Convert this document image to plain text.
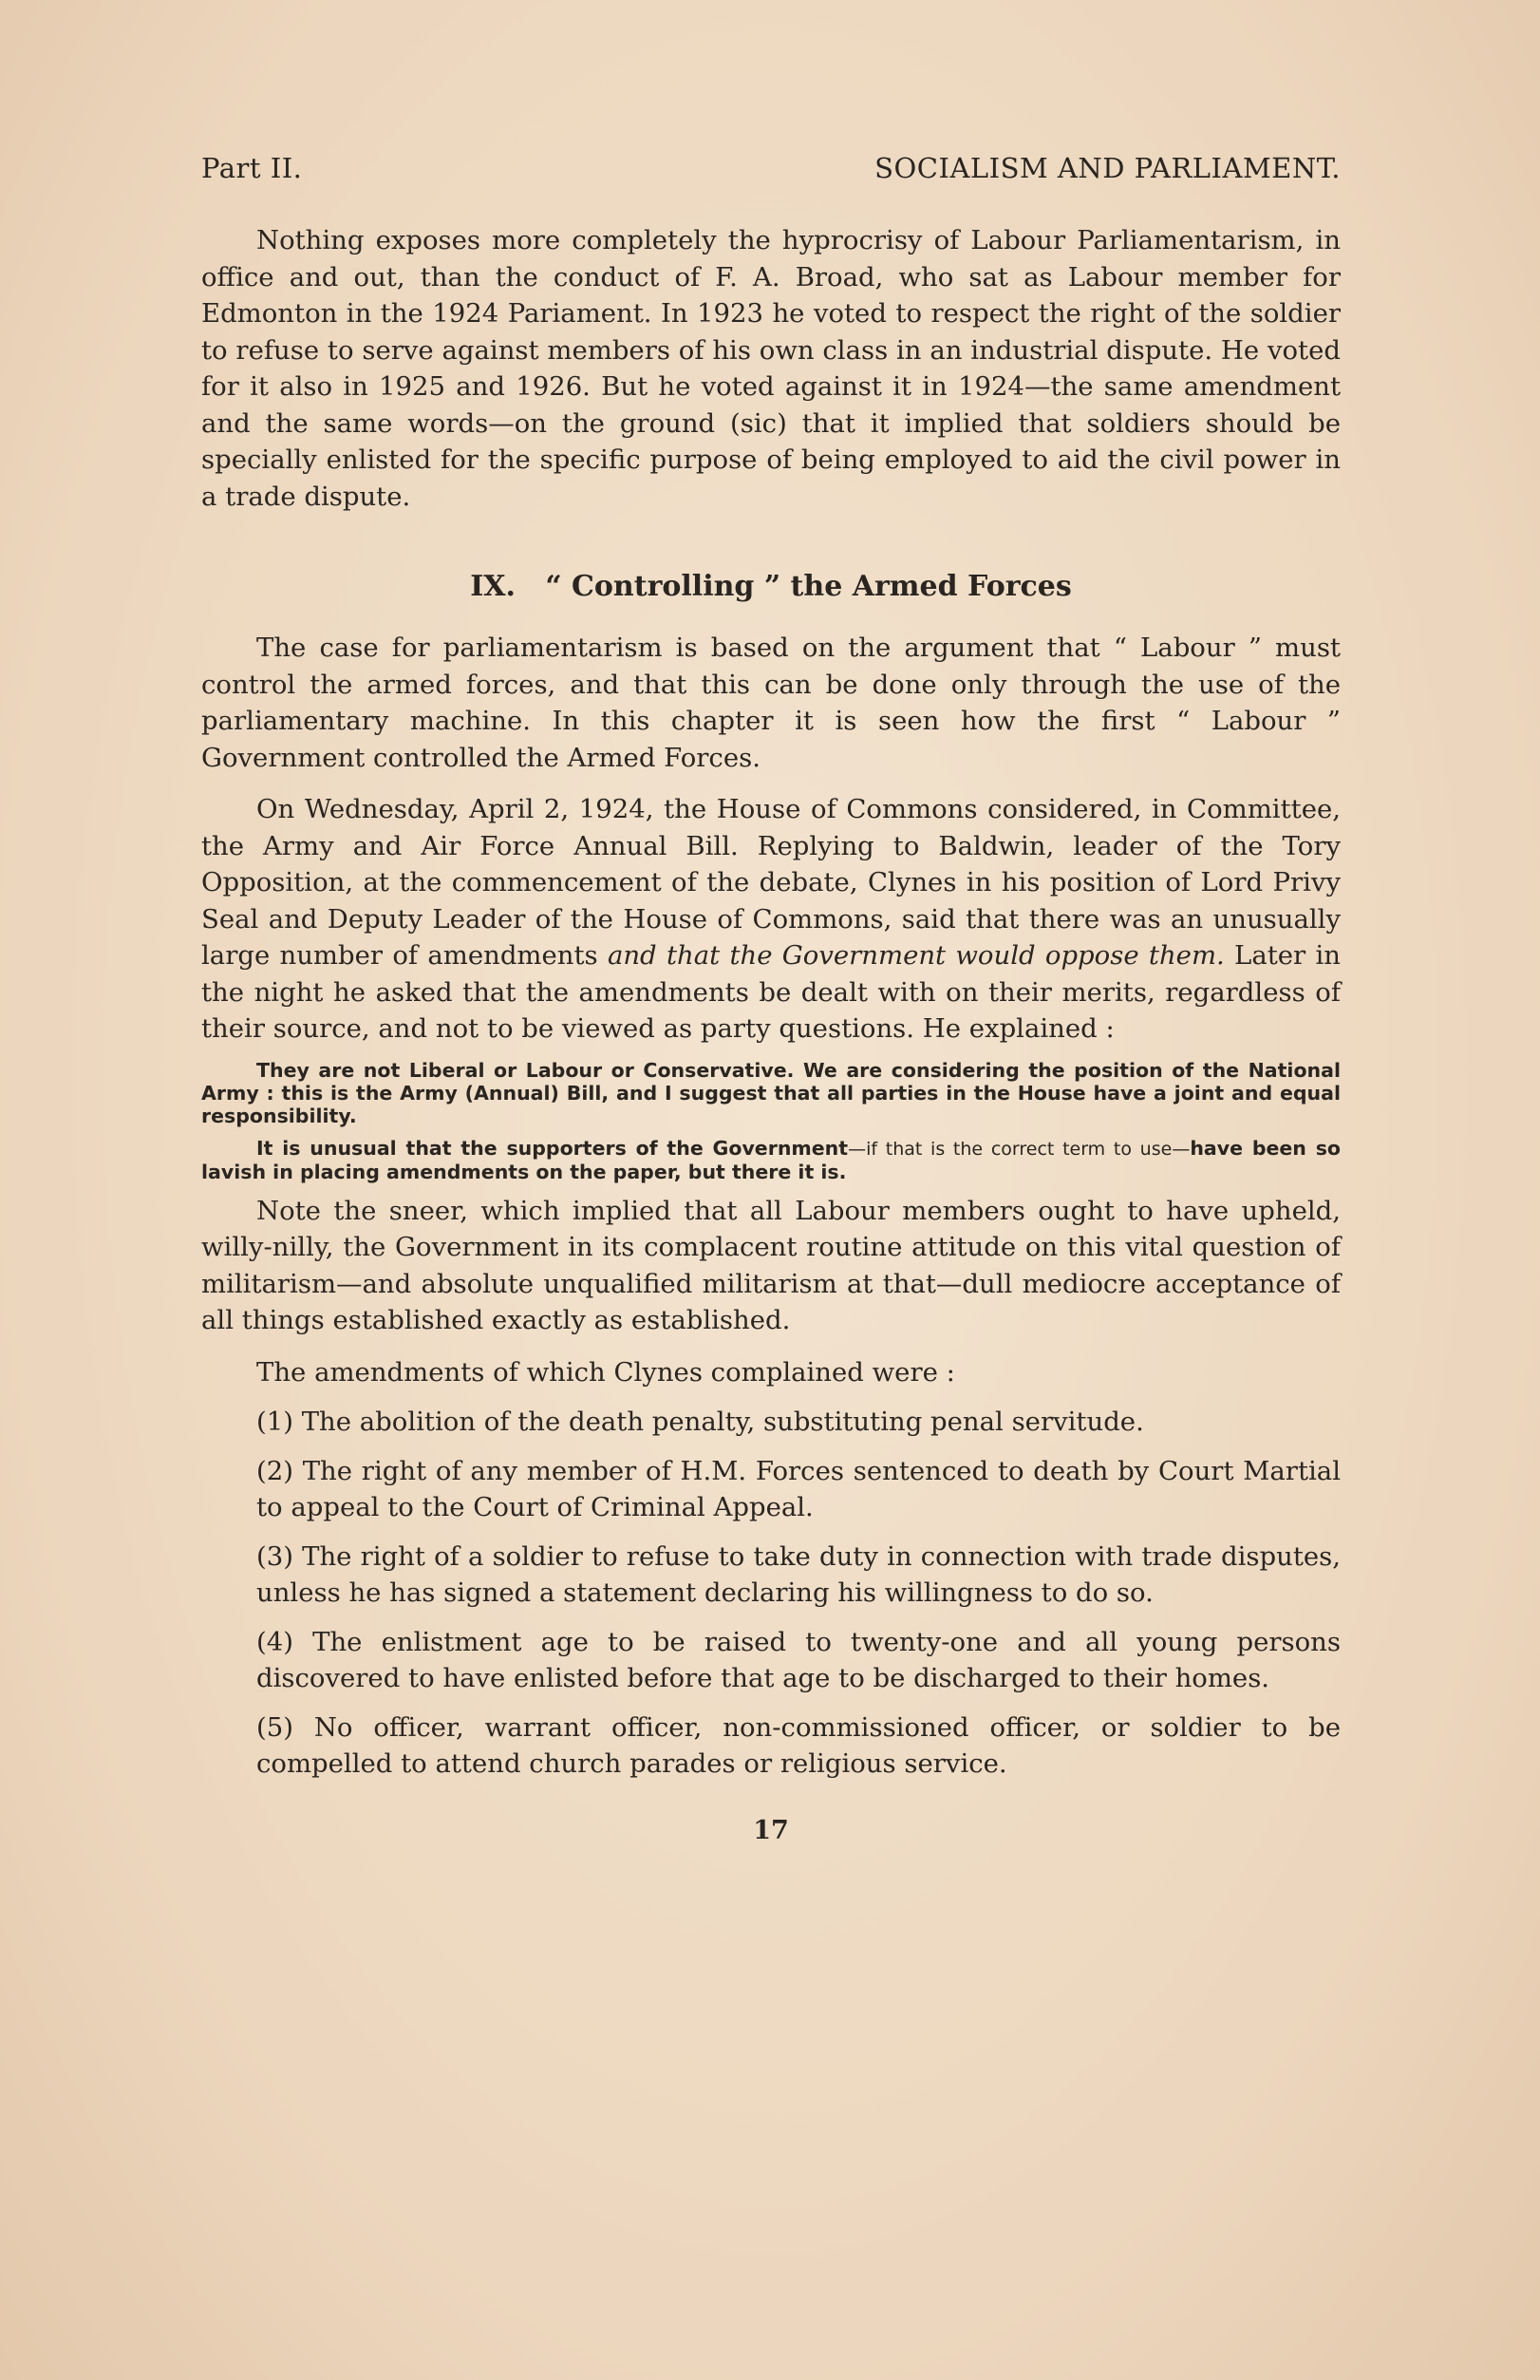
Part II.	SOCIALISM AND PARLIAMENT.

Nothing exposes more completely the hyprocrisy of Labour Parliamentarism, in office and out, than the conduct of F. A. Broad, who sat as Labour member for Edmonton in the 1924 Pariament. In 1923 he voted to respect the right of the soldier to refuse to serve against members of his own class in an industrial dispute. He voted for it also in 1925 and 1926. But he voted against it in 1924—the same amendment and the same words—on the ground (sic) that it implied that soldiers should be specially enlisted for the specific purpose of being employed to aid the civil power in a trade dispute.

IX. “ Controlling ” the Armed Forces

The case for parliamentarism is based on the argument that “ Labour ” must control the armed forces, and that this can be done only through the use of the parliamentary machine. In this chapter it is seen how the first “ Labour ” Government controlled the Armed Forces.

On Wednesday, April 2, 1924, the House of Commons considered, in Committee, the Army and Air Force Annual Bill. Replying to Baldwin, leader of the Tory Opposition, at the commencement of the debate, Clynes in his position of Lord Privy Seal and Deputy Leader of the House of Commons, said that there was an unusually large number of amendments and that the Government would oppose them. Later in the night he asked that the amendments be dealt with on their merits, regardless of their source, and not to be viewed as party questions. He explained :

They are not Liberal or Labour or Conservative. We are considering the position of the National Army : this is the Army (Annual) Bill, and I suggest that all parties in the House have a joint and equal responsibility.

It is unusual that the supporters of the Government—if that is the correct term to use—have been so lavish in placing amendments on the paper, but there it is.

Note the sneer, which implied that all Labour members ought to have upheld, willy-nilly, the Government in its complacent routine attitude on this vital question of militarism—and absolute unqualified militarism at that—dull mediocre acceptance of all things established exactly as established.

The amendments of which Clynes complained were :

(1) The abolition of the death penalty, substituting penal servitude.

(2) The right of any member of H.M. Forces sentenced to death by Court Martial to appeal to the Court of Criminal Appeal.

(3) The right of a soldier to refuse to take duty in connection with trade disputes, unless he has signed a statement declaring his willingness to do so.

(4) The enlistment age to be raised to twenty-one and all young persons discovered to have enlisted before that age to be discharged to their homes.

(5) No officer, warrant officer, non-commissioned officer, or soldier to be compelled to attend church parades or religious service.

17
